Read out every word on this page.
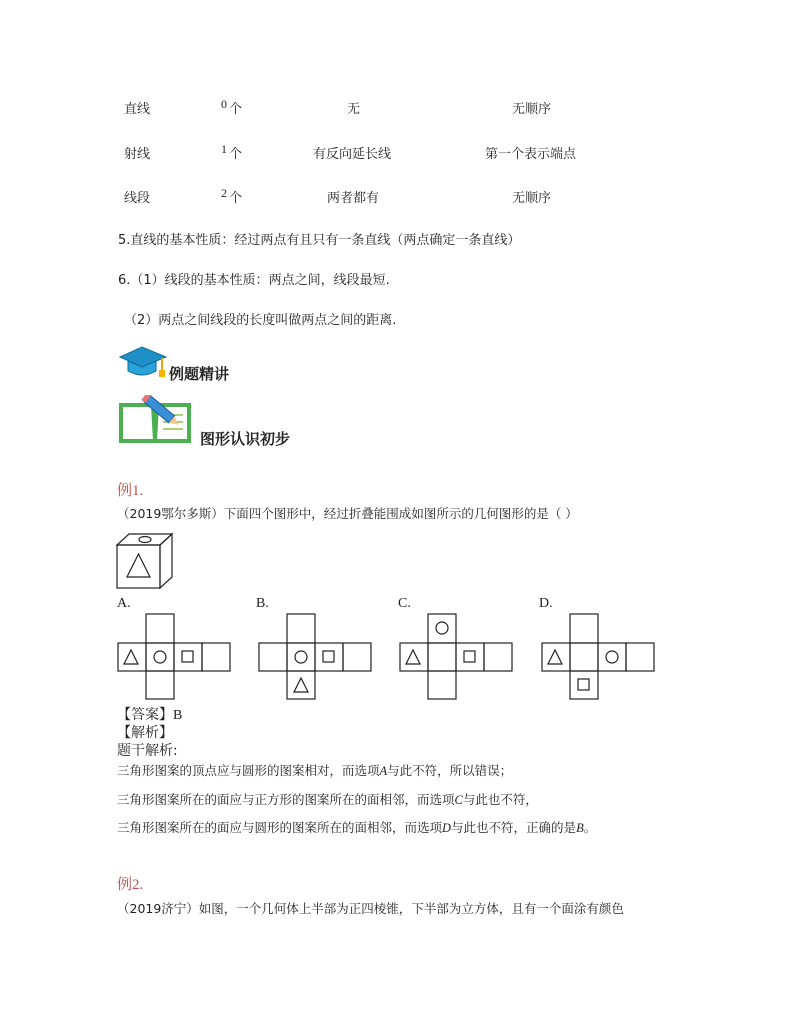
直线	0 个	无	无顺序
射线	1 个	有反向延长线	第一个表示端点
线段	2 个	两者都有	无顺序
5.直线的基本性质：经过两点有且只有一条直线（两点确定一条直线）
6.（1）线段的基本性质：两点之间，线段最短.
（2）两点之间线段的长度叫做两点之间的距离.
例题精讲
图形认识初步
例1.
（2019鄂尔多斯）下面四个图形中，经过折叠能围成如图所示的几何图形的是（ ）
A.	B.	C.	D.
【答案】B
【解析】
题干解析:
三角形图案的顶点应与圆形的图案相对，而选项A与此不符，所以错误；
三角形图案所在的面应与正方形的图案所在的面相邻，而选项C与此也不符，
三角形图案所在的面应与圆形的图案所在的面相邻，而选项D与此也不符，正确的是B。
例2.
（2019济宁）如图，一个几何体上半部为正四棱锥，下半部为立方体，且有一个面涂有颜色
